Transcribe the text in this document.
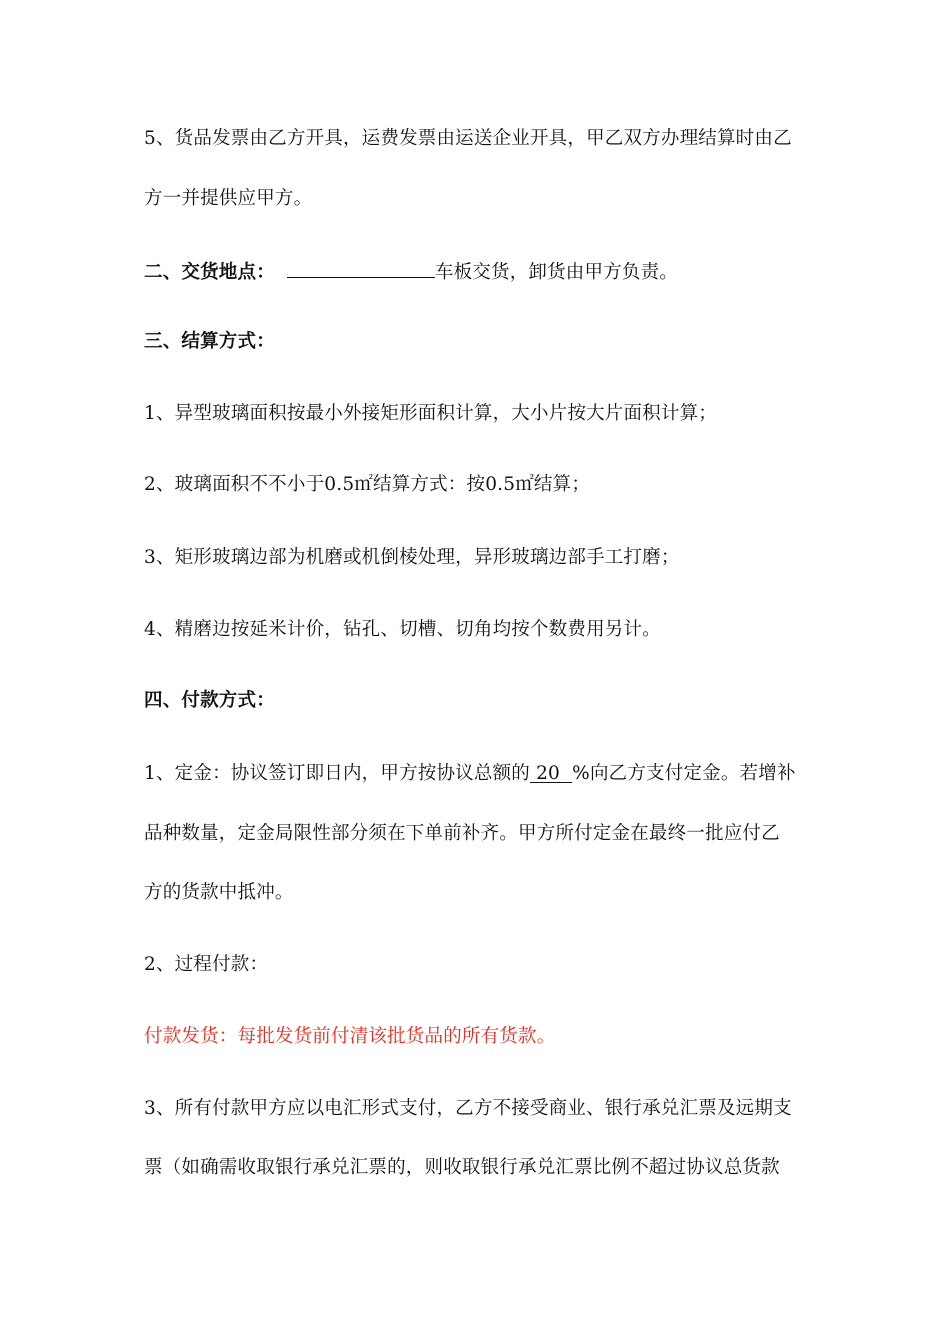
5、货品发票由乙方开具，运费发票由运送企业开具，甲乙双方办理结算时由乙
方一并提供应甲方。
二、交货地点：	车板交货，卸货由甲方负责。
三、结算方式：
1、异型玻璃面积按最小外接矩形面积计算，大小片按大片面积计算；
2、玻璃面积不不小于0.5㎡结算方式：按0.5㎡结算；
3、矩形玻璃边部为机磨或机倒棱处理，异形玻璃边部手工打磨；
4、精磨边按延米计价，钻孔、切槽、切角均按个数费用另计。
四、付款方式：
1、定金：协议签订即日内，甲方按协议总额的 20  %向乙方支付定金。若增补
品种数量，定金局限性部分须在下单前补齐。甲方所付定金在最终一批应付乙
方的货款中抵冲。
2、过程付款：
付款发货：每批发货前付清该批货品的所有货款。
3、所有付款甲方应以电汇形式支付，乙方不接受商业、银行承兑汇票及远期支
票（如确需收取银行承兑汇票的，则收取银行承兑汇票比例不超过协议总货款
